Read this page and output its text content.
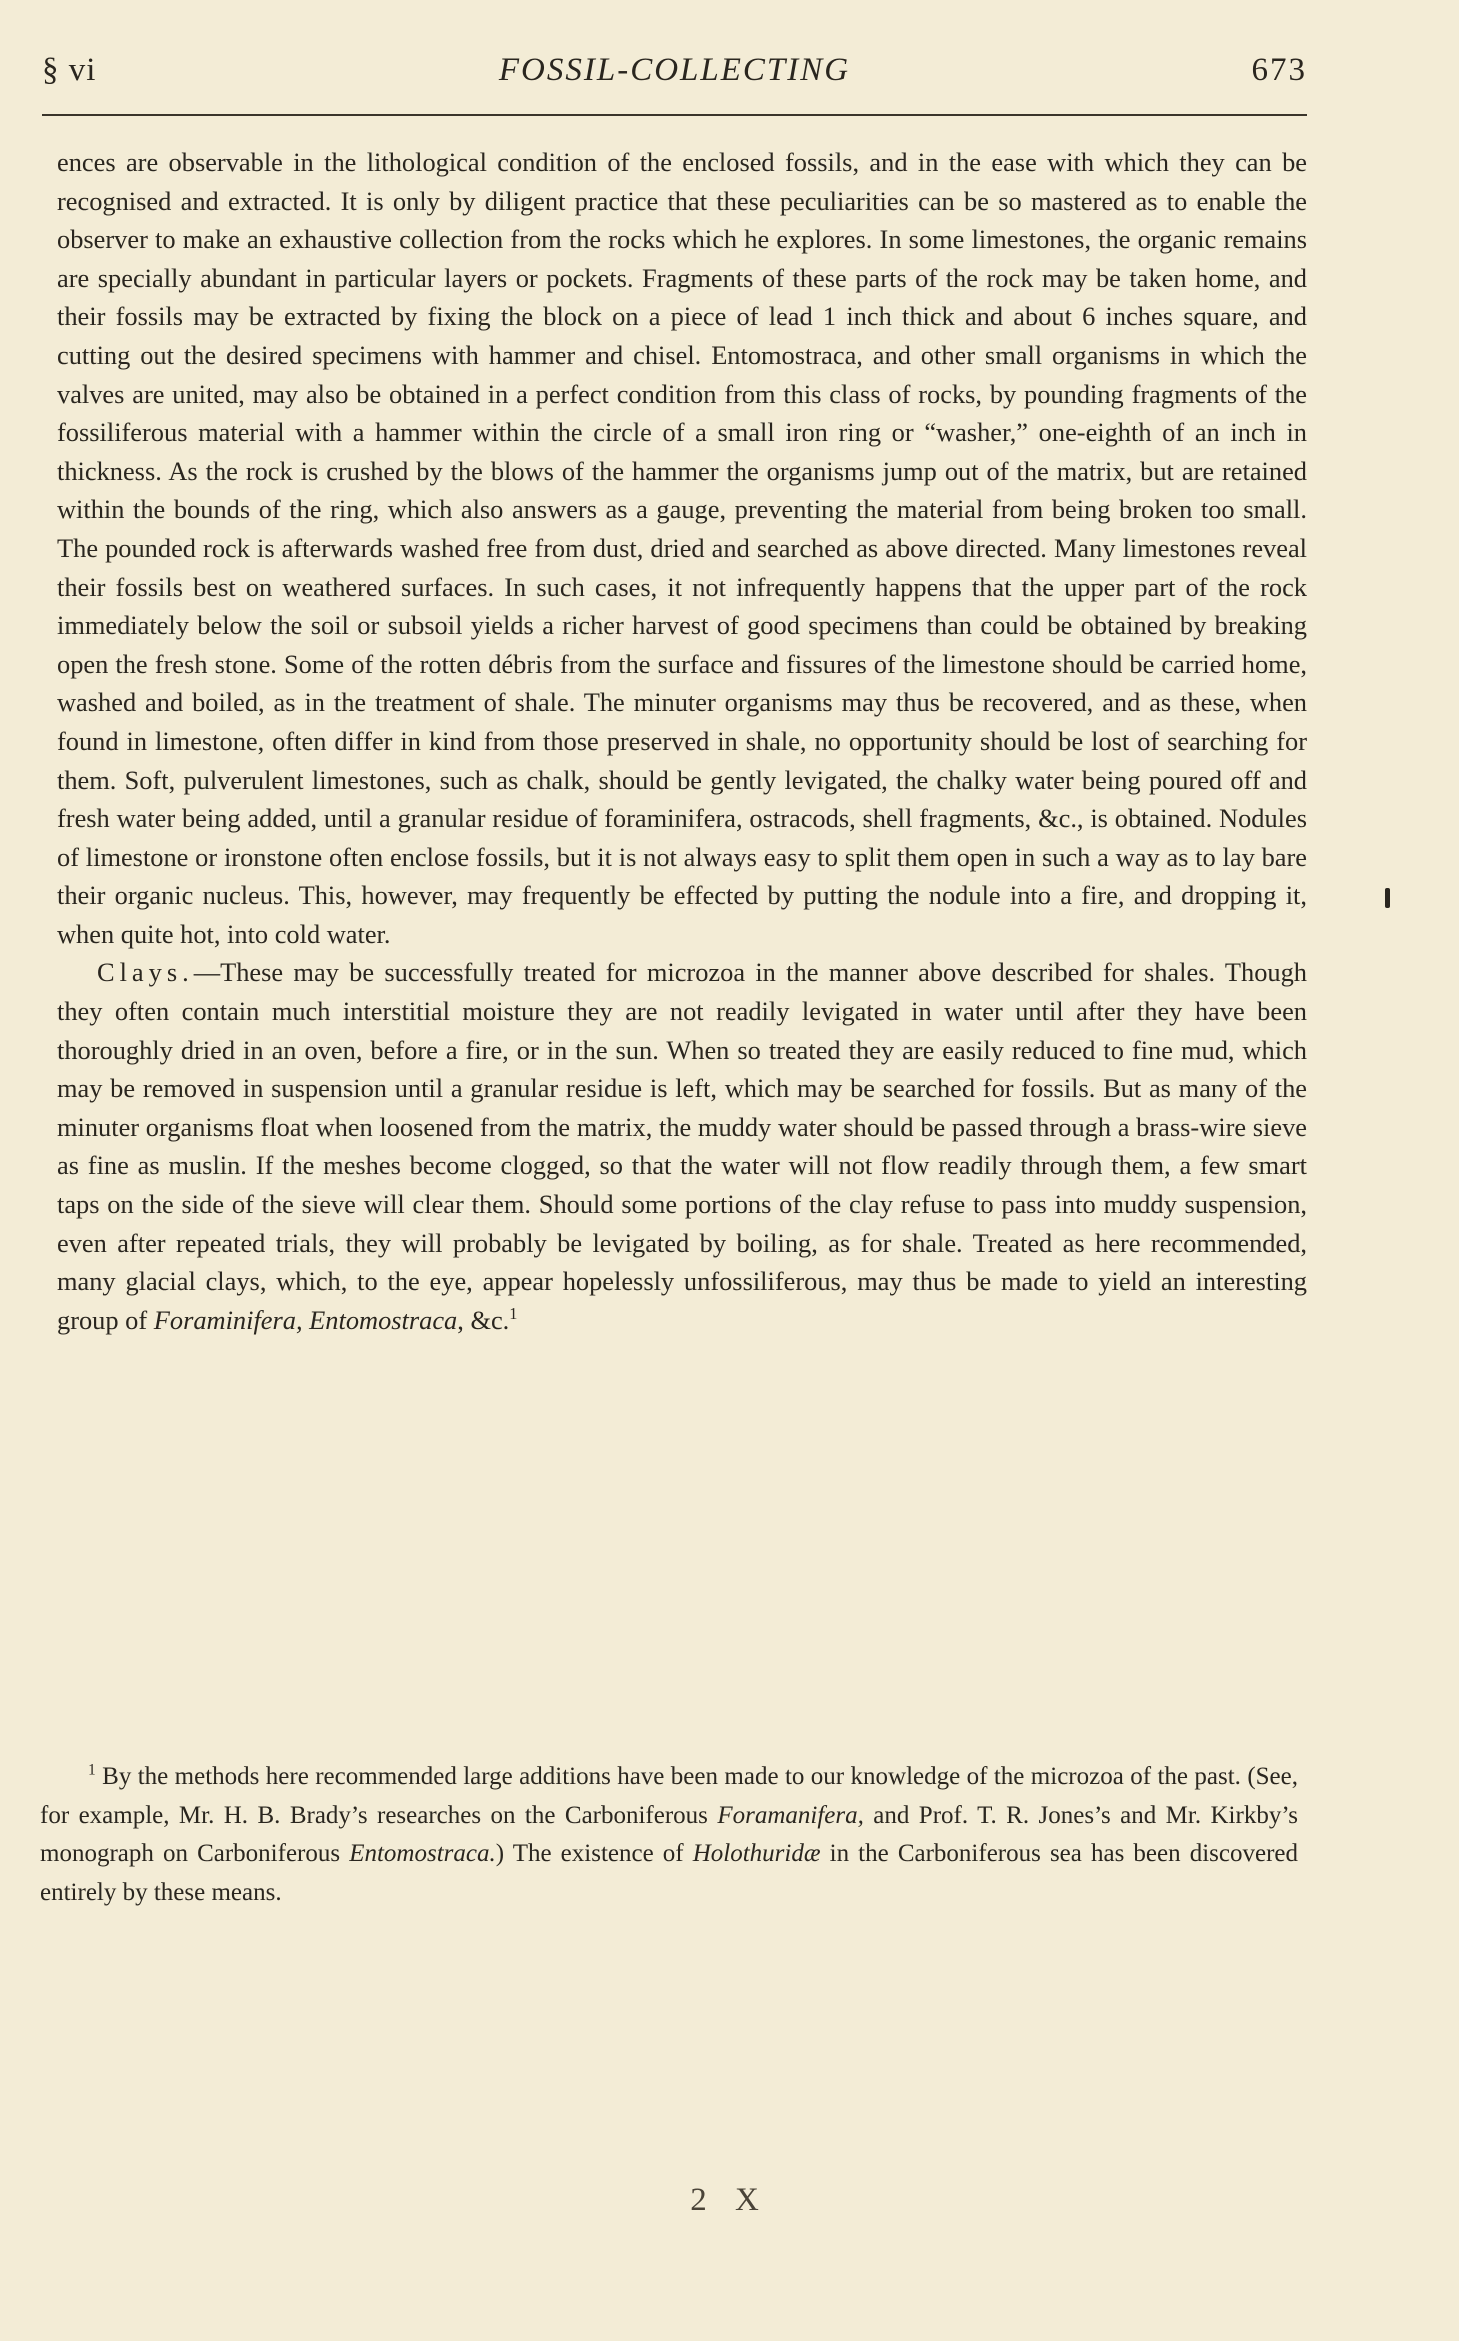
§ vi	FOSSIL-COLLECTING	673

ences are observable in the lithological condition of the enclosed fossils, and in the ease with which they can be recognised and extracted. It is only by diligent practice that these peculiarities can be so mastered as to enable the observer to make an exhaustive collection from the rocks which he explores. In some limestones, the organic remains are specially abundant in particular layers or pockets. Fragments of these parts of the rock may be taken home, and their fossils may be extracted by fixing the block on a piece of lead 1 inch thick and about 6 inches square, and cutting out the desired specimens with hammer and chisel. Entomostraca, and other small organisms in which the valves are united, may also be obtained in a perfect condition from this class of rocks, by pounding fragments of the fossiliferous material with a hammer within the circle of a small iron ring or “washer,” one-eighth of an inch in thickness. As the rock is crushed by the blows of the hammer the organisms jump out of the matrix, but are retained within the bounds of the ring, which also answers as a gauge, preventing the material from being broken too small. The pounded rock is afterwards washed free from dust, dried and searched as above directed. Many limestones reveal their fossils best on weathered surfaces. In such cases, it not infrequently happens that the upper part of the rock immediately below the soil or subsoil yields a richer harvest of good specimens than could be obtained by breaking open the fresh stone. Some of the rotten débris from the surface and fissures of the limestone should be carried home, washed and boiled, as in the treatment of shale. The minuter organisms may thus be recovered, and as these, when found in limestone, often differ in kind from those preserved in shale, no opportunity should be lost of searching for them. Soft, pulverulent limestones, such as chalk, should be gently levigated, the chalky water being poured off and fresh water being added, until a granular residue of foraminifera, ostracods, shell fragments, &c., is obtained. Nodules of limestone or ironstone often enclose fossils, but it is not always easy to split them open in such a way as to lay bare their organic nucleus. This, however, may frequently be effected by putting the nodule into a fire, and dropping it, when quite hot, into cold water.

Clays.—These may be successfully treated for microzoa in the manner above described for shales. Though they often contain much interstitial moisture they are not readily levigated in water until after they have been thoroughly dried in an oven, before a fire, or in the sun. When so treated they are easily reduced to fine mud, which may be removed in suspension until a granular residue is left, which may be searched for fossils. But as many of the minuter organisms float when loosened from the matrix, the muddy water should be passed through a brass-wire sieve as fine as muslin. If the meshes become clogged, so that the water will not flow readily through them, a few smart taps on the side of the sieve will clear them. Should some portions of the clay refuse to pass into muddy suspension, even after repeated trials, they will probably be levigated by boiling, as for shale. Treated as here recommended, many glacial clays, which, to the eye, appear hopelessly unfossiliferous, may thus be made to yield an interesting group of Foraminifera, Entomostraca, &c.$^1$

$^1$ By the methods here recommended large additions have been made to our knowledge of the microzoa of the past. (See, for example, Mr. H. B. Brady’s researches on the Carboniferous Foramanifera, and Prof. T. R. Jones’s and Mr. Kirkby’s monograph on Carboniferous Entomostraca.) The existence of Holothuridæ in the Carboniferous sea has been discovered entirely by these means.

2 X
